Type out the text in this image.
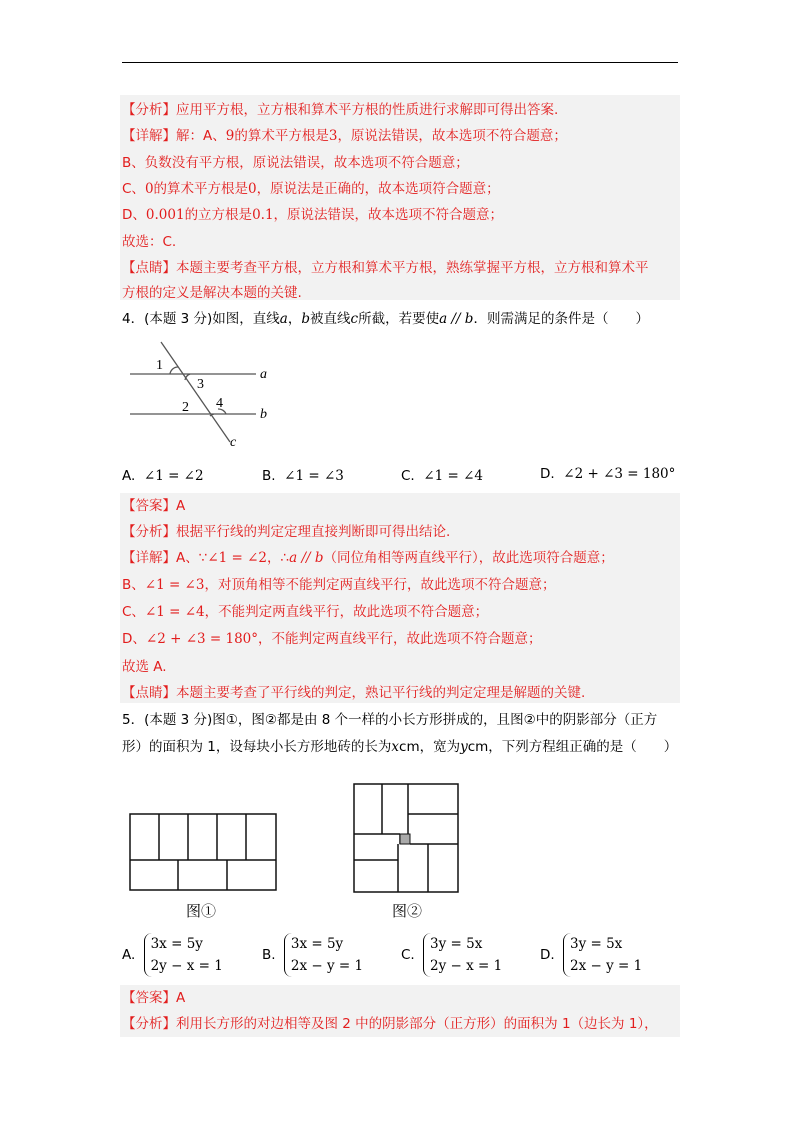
【分析】应用平方根，立方根和算术平方根的性质进行求解即可得出答案.
【详解】解：A、9的算术平方根是3，原说法错误，故本选项不符合题意；
B、负数没有平方根，原说法错误，故本选项不符合题意；
C、0的算术平方根是0，原说法是正确的，故本选项符合题意；
D、0.001的立方根是0.1，原说法错误，故本选项不符合题意；
故选：C.
【点睛】本题主要考查平方根，立方根和算术平方根，熟练掌握平方根，立方根和算术平
方根的定义是解决本题的关键.
4．(本题 3 分)如图，直线a，b被直线c所截，若要使a // b．则需满足的条件是（　　）
1
3
2 4
a
b
c
A. ∠1 = ∠2	B. ∠1 = ∠3	C. ∠1 = ∠4	D. ∠2 + ∠3 = 180°
【答案】A
【分析】根据平行线的判定定理直接判断即可得出结论.
【详解】A、∵∠1 = ∠2，∴a // b（同位角相等两直线平行），故此选项符合题意；
B、∠1 = ∠3，对顶角相等不能判定两直线平行，故此选项不符合题意；
C、∠1 = ∠4，不能判定两直线平行，故此选项不符合题意；
D、∠2 + ∠3 = 180°，不能判定两直线平行，故此选项不符合题意；
故选 A.
【点睛】本题主要考查了平行线的判定，熟记平行线的判定定理是解题的关键.
5．(本题 3 分)图①，图②都是由 8 个一样的小长方形拼成的，且图②中的阴影部分（正方
形）的面积为 1，设每块小长方形地砖的长为xcm，宽为ycm，下列方程组正确的是（　　）
图①	图②
A. 3x = 5y
2y − x = 1
B. 3x = 5y
2x − y = 1
C. 3y = 5x
2y − x = 1
D. 3y = 5x
2x − y = 1
【答案】A
【分析】利用长方形的对边相等及图 2 中的阴影部分（正方形）的面积为 1（边长为 1），
